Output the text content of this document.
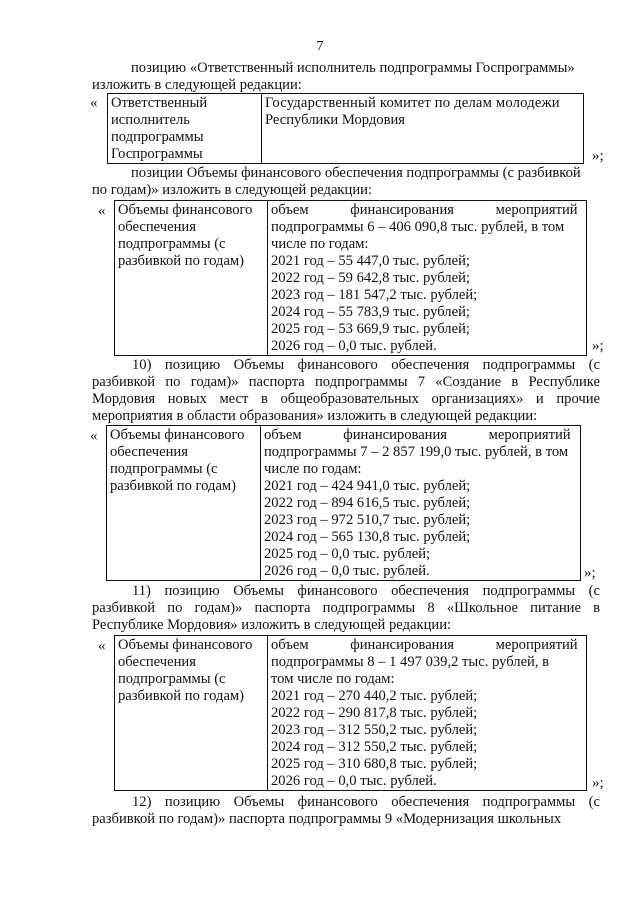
7
позицию «Ответственный исполнитель подпрограммы Госпрограммы»
изложить в следующей редакции:
« Ответственный
исполнитель
подпрограммы
Госпрограммы

Государственный комитет по делам молодежи
Республики Мордовия
»;
позиции Объемы финансового обеспечения подпрограммы (с разбивкой
по годам)» изложить в следующей редакции:
« Объемы финансового
обеспечения
подпрограммы (с
разбивкой по годам)

объем финансирования мероприятий
подпрограммы 6 – 406 090,8 тыс. рублей, в том
числе по годам:
2021 год – 55 447,0 тыс. рублей;
2022 год – 59 642,8 тыс. рублей;
2023 год – 181 547,2 тыс. рублей;
2024 год – 55 783,9 тыс. рублей;
2025 год – 53 669,9 тыс. рублей;
2026 год – 0,0 тыс. рублей.	»;
10) позицию Объемы финансового обеспечения подпрограммы (с разбивкой по годам)» паспорта подпрограммы 7 «Создание в Республике Мордовия новых мест в общеобразовательных организациях» и прочие мероприятия в области образования» изложить в следующей редакции:
« Объемы финансового
обеспечения
подпрограммы (с
разбивкой по годам)

объем финансирования мероприятий
подпрограммы 7 – 2 857 199,0 тыс. рублей, в том
числе по годам:
2021 год – 424 941,0 тыс. рублей;
2022 год – 894 616,5 тыс. рублей;
2023 год – 972 510,7 тыс. рублей;
2024 год – 565 130,8 тыс. рублей;
2025 год – 0,0 тыс. рублей;
2026 год – 0,0 тыс. рублей.	»;
11) позицию Объемы финансового обеспечения подпрограммы (с разбивкой по годам)» паспорта подпрограммы 8 «Школьное питание в Республике Мордовия» изложить в следующей редакции:
« Объемы финансового
обеспечения
подпрограммы (с
разбивкой по годам)

объем финансирования мероприятий
подпрограммы 8 – 1 497 039,2 тыс. рублей, в
том числе по годам:
2021 год – 270 440,2 тыс. рублей;
2022 год – 290 817,8 тыс. рублей;
2023 год – 312 550,2 тыс. рублей;
2024 год – 312 550,2 тыс. рублей;
2025 год – 310 680,8 тыс. рублей;
2026 год – 0,0 тыс. рублей.	»;
12) позицию Объемы финансового обеспечения подпрограммы (с разбивкой по годам)» паспорта подпрограммы 9 «Модернизация школьных
